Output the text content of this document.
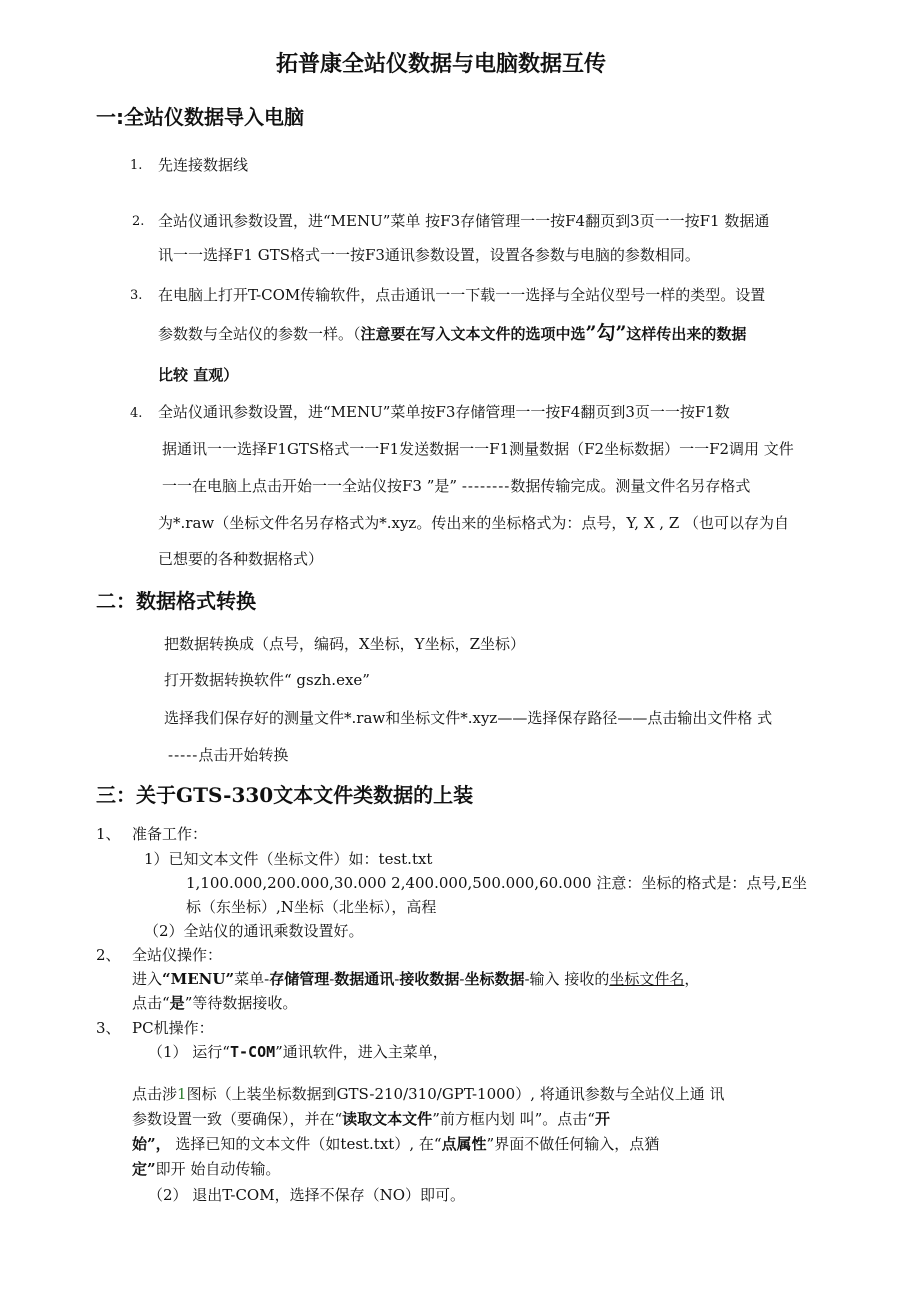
拓普康全站仪数据与电脑数据互传
一:全站仪数据导入电脑
1. 先连接数据线
2. 全站仪通讯参数设置，进“MENU”菜单 按F3存储管理一一按F4翻页到3页一一按F1 数据通
讯一一选择F1 GTS格式一一按F3通讯参数设置，设置各参数与电脑的参数相同。
3. 在电脑上打开T-COM传输软件，点击通讯一一下载一一选择与全站仪型号一样的类型。设置
参数数与全站仪的参数一样。（注意要在写入文本文件的选项中选”勾”这样传出来的数据
比较 直观）
4. 全站仪通讯参数设置，进“MENU”菜单按F3存储管理一一按F4翻页到3页一一按F1数
据通讯一一选择F1GTS格式一一F1发送数据一一F1测量数据（F2坐标数据）一一F2调用 文件
一一在电脑上点击开始一一全站仪按F3 ”是” --------数据传输完成。测量文件名另存格式
为*.raw（坐标文件名另存格式为*.xyz。传出来的坐标格式为：点号，Y, X , Z （也可以存为自
已想要的各种数据格式）
二：数据格式转换
把数据转换成（点号，编码，X坐标，Y坐标，Z坐标）
打开数据转换软件“ gszh.exe”
选择我们保存好的测量文件*.raw和坐标文件*.xyz——选择保存路径——点击输出文件格 式
-----点击开始转换
三：关于GTS-330文本文件类数据的上装
1、 准备工作：
1）已知文本文件（坐标文件）如：test.txt
1,100.000,200.000,30.000 2,400.000,500.000,60.000 注意：坐标的格式是：点号,E坐
标（东坐标）,N坐标（北坐标），高程
（2）全站仪的通讯乘数设置好。
2、 全站仪操作：
进入“MENU”菜单-存储管理-数据通讯-接收数据-坐标数据-输入 接收的坐标文件名，
点击“是”等待数据接收。
3、 PC机操作：
（1） 运行“T-COM”通讯软件，进入主菜单，
点击涉1图标（上装坐标数据到GTS-210/310/GPT-1000）, 将通讯参数与全站仪上通 讯
参数设置一致（要确保），并在“读取文本文件”前方框内划 叫”。点击“开
始”， 选择已知的文本文件（如test.txt）, 在“点属性”界面不做任何输入，点猶
定”即开 始自动传输。
（2） 退出T-COM，选择不保存（NO）即可。
